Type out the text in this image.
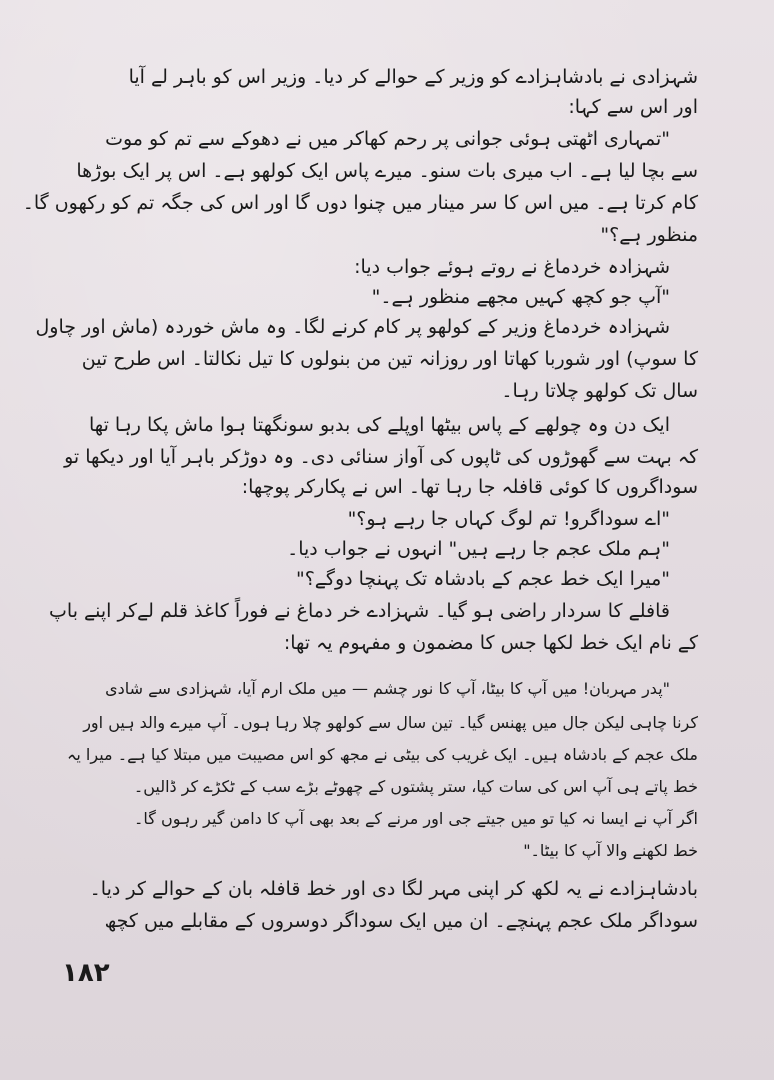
شہزادی نے بادشاہزادے کو وزیر کے حوالے کر دیا۔ وزیر اس کو باہر لے آیا
اور اس سے کہا:
"تمہاری اٹھتی ہوئی جوانی پر رحم کھاکر میں نے دھوکے سے تم کو موت
سے بچا لیا ہے۔ اب میری بات سنو۔ میرے پاس ایک کولھو ہے۔ اس پر ایک بوڑھا
کام کرتا ہے۔ میں اس کا سر مینار میں چنوا دوں گا اور اس کی جگہ تم کو رکھوں گا۔
منظور ہے؟"
شہزادہ خردماغ نے روتے ہوئے جواب دیا:
"آپ جو کچھ کہیں مجھے منظور ہے۔"
شہزادہ خردماغ وزیر کے کولھو پر کام کرنے لگا۔ وہ ماش خوردہ (ماش اور چاول
کا سوپ) اور شوربا کھاتا اور روزانہ تین من بنولوں کا تیل نکالتا۔ اس طرح تین
سال تک کولھو چلاتا رہا۔
ایک دن وہ چولھے کے پاس بیٹھا اوپلے کی بدبو سونگھتا ہوا ماش پکا رہا تھا
کہ بہت سے گھوڑوں کی ٹاپوں کی آواز سنائی دی۔ وہ دوڑکر باہر آیا اور دیکھا تو
سوداگروں کا کوئی قافلہ جا رہا تھا۔ اس نے پکارکر پوچھا:
"اے سوداگرو! تم لوگ کہاں جا رہے ہو؟"
"ہم ملک عجم جا رہے ہیں" انہوں نے جواب دیا۔
"میرا ایک خط عجم کے بادشاہ تک پہنچا دوگے؟"
قافلے کا سردار راضی ہو گیا۔ شہزادے خر دماغ نے فوراً کاغذ قلم لےکر اپنے باپ
کے نام ایک خط لکھا جس کا مضمون و مفہوم یہ تھا:
"پدر مہربان! میں آپ کا بیٹا، آپ کا نور چشم — میں ملک ارم آیا، شہزادی سے شادی
کرنا چاہی لیکن جال میں پھنس گیا۔ تین سال سے کولھو چلا رہا ہوں۔ آپ میرے والد ہیں اور
ملک عجم کے بادشاہ ہیں۔ ایک غریب کی بیٹی نے مجھ کو اس مصیبت میں مبتلا کیا ہے۔ میرا یہ
خط پاتے ہی آپ اس کی سات کیا، ستر پشتوں کے چھوٹے بڑے سب کے ٹکڑے کر ڈالیں۔
اگر آپ نے ایسا نہ کیا تو میں جیتے جی اور مرنے کے بعد بھی آپ کا دامن گیر رہوں گا۔
خط لکھنے والا آپ کا بیٹا۔"
بادشاہزادے نے یہ لکھ کر اپنی مہر لگا دی اور خط قافلہ بان کے حوالے کر دیا۔
سوداگر ملک عجم پہنچے۔ ان میں ایک سوداگر دوسروں کے مقابلے میں کچھ
۱۸۲
